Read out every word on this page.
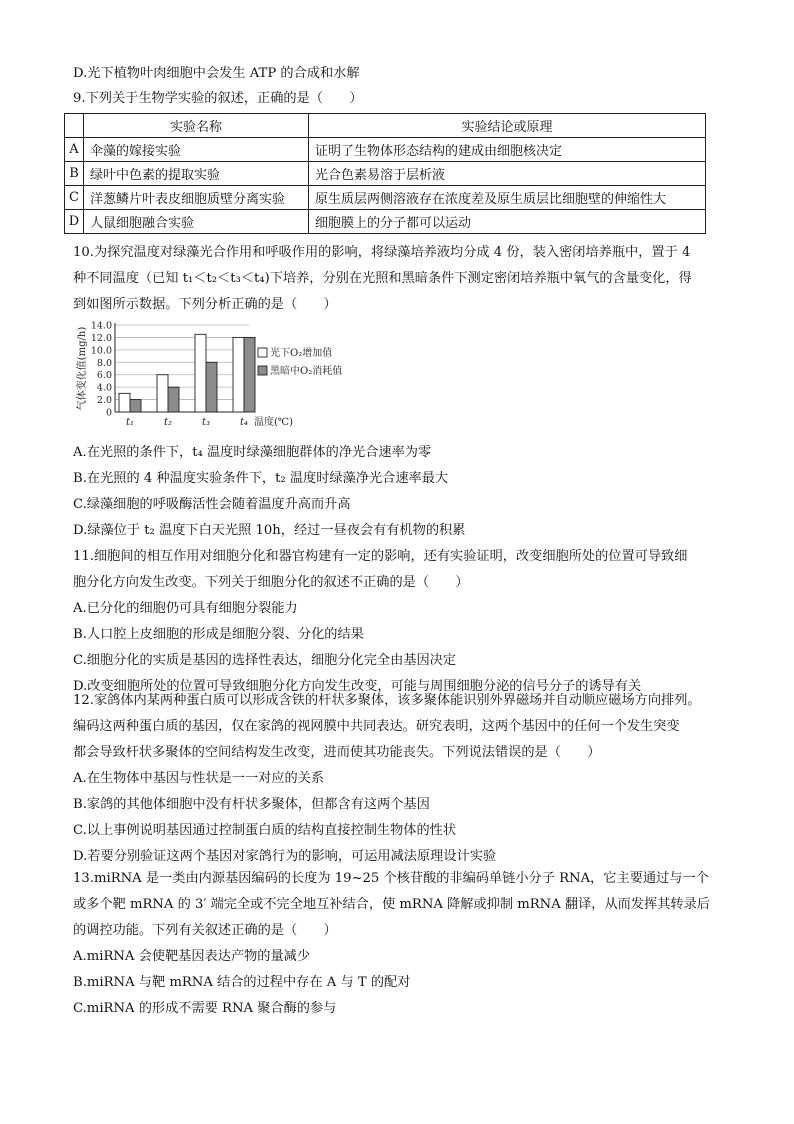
D.光下植物叶肉细胞中会发生 ATP 的合成和水解
9.下列关于生物学实验的叙述，正确的是（　　）
	实验名称	实验结论或原理
A	伞藻的嫁接实验	证明了生物体形态结构的建成由细胞核决定
B	绿叶中色素的提取实验	光合色素易溶于层析液
C	洋葱鳞片叶表皮细胞质壁分离实验	原生质层两侧溶液存在浓度差及原生质层比细胞壁的伸缩性大
D	人鼠细胞融合实验	细胞膜上的分子都可以运动
10.为探究温度对绿藻光合作用和呼吸作用的影响，将绿藻培养液均分成 4 份，装入密闭培养瓶中，置于 4
种不同温度（已知 t₁＜t₂＜t₃＜t₄)下培养，分别在光照和黑暗条件下测定密闭培养瓶中氧气的含量变化，得
到如图所示数据。下列分析正确的是（　　）
0
2.0
4.0
6.0
8.0
10.0
12.0
14.0
气体变化值(mg/h)
t₁	t₂	t₃	t₄ 温度(℃)
光下O₂增加值
黑暗中O₂消耗值
A.在光照的条件下，t₄ 温度时绿藻细胞群体的净光合速率为零
B.在光照的 4 种温度实验条件下，t₂ 温度时绿藻净光合速率最大
C.绿藻细胞的呼吸酶活性会随着温度升高而升高
D.绿藻位于 t₂ 温度下白天光照 10h，经过一昼夜会有有机物的积累
11.细胞间的相互作用对细胞分化和器官构建有一定的影响，还有实验证明，改变细胞所处的位置可导致细
胞分化方向发生改变。下列关于细胞分化的叙述不正确的是（　　）
A.已分化的细胞仍可具有细胞分裂能力
B.人口腔上皮细胞的形成是细胞分裂、分化的结果
C.细胞分化的实质是基因的选择性表达，细胞分化完全由基因决定
D.改变细胞所处的位置可导致细胞分化方向发生改变，可能与周围细胞分泌的信号分子的诱导有关
12.家鸽体内某两种蛋白质可以形成含铁的杆状多聚体，该多聚体能识别外界磁场并自动顺应磁场方向排列。
编码这两种蛋白质的基因，仅在家鸽的视网膜中共同表达。研究表明，这两个基因中的任何一个发生突变
都会导致杆状多聚体的空间结构发生改变，进而使其功能丧失。下列说法错误的是（　　）
A.在生物体中基因与性状是一一对应的关系
B.家鸽的其他体细胞中没有杆状多聚体，但都含有这两个基因
C.以上事例说明基因通过控制蛋白质的结构直接控制生物体的性状
D.若要分别验证这两个基因对家鸽行为的影响，可运用减法原理设计实验
13.miRNA 是一类由内源基因编码的长度为 19~25 个核苷酸的非编码单链小分子 RNA，它主要通过与一个
或多个靶 mRNA 的 3′ 端完全或不完全地互补结合，使 mRNA 降解或抑制 mRNA 翻译，从而发挥其转录后
的调控功能。下列有关叙述正确的是（　　）
A.miRNA 会使靶基因表达产物的量减少
B.miRNA 与靶 mRNA 结合的过程中存在 A 与 T 的配对
C.miRNA 的形成不需要 RNA 聚合酶的参与
